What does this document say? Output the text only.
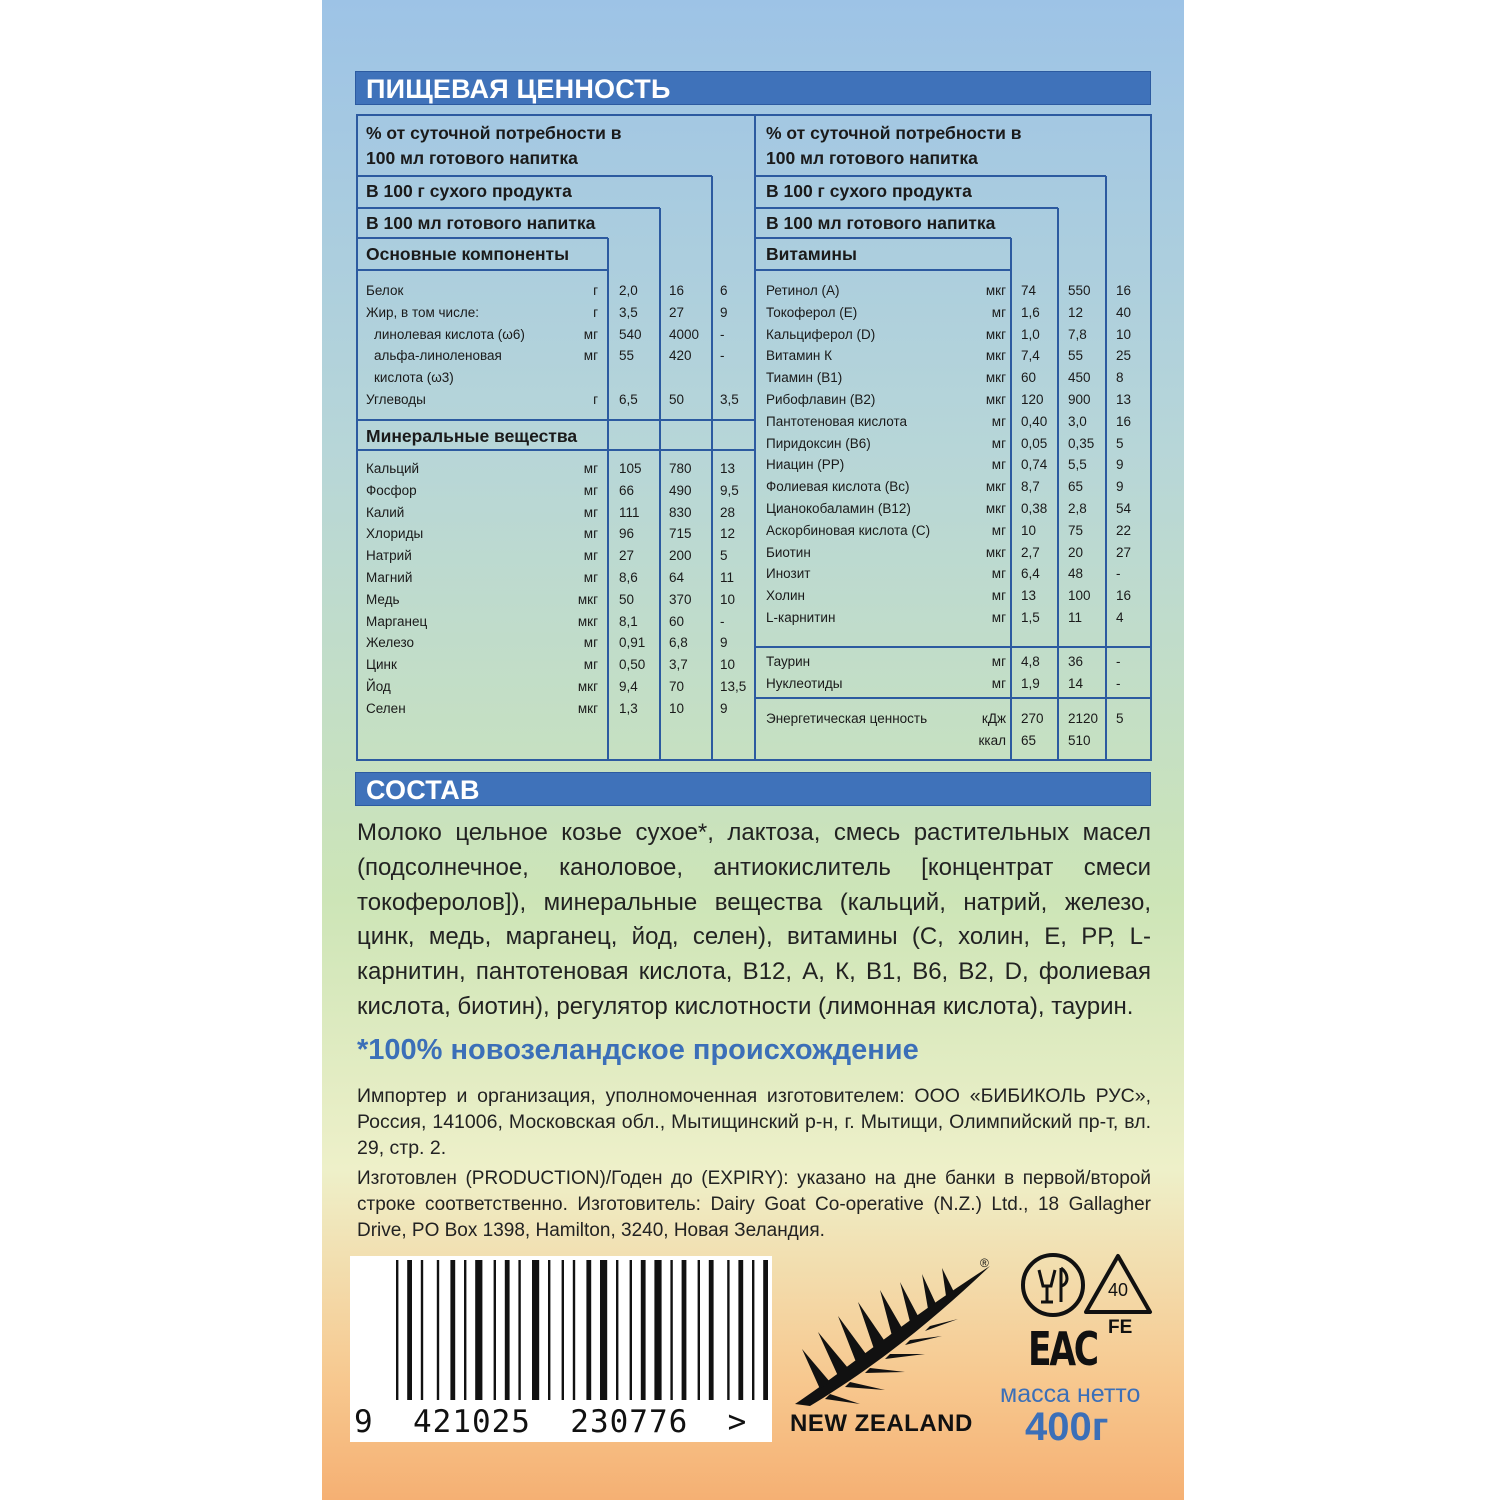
ПИЩЕВАЯ ЦЕННОСТЬ
% от суточной потребности в
100 мл готового напитка
В 100 г сухого продукта
В 100 мл готового напитка
% от суточной потребности в
100 мл готового напитка
В 100 г сухого продукта
В 100 мл готового напитка
Основные компоненты	Витамины
Минеральные вещества
Белок	г 2,0 16	6
Жир, в том числе:	г 3,5 27	9
линолевая кислота (ω6)	мг 540 4000 -
альфа-линоленовая	мг 55	420 -
кислота (ω3)
Углеводы	г 6,5 50	3,5
Кальций	мг 105 780 13
Фосфор	мг 66	490 9,5
Калий	мг 111 830 28
Хлориды	мг 96	715 12
Натрий	мг 27	200 5
Магний	мг 8,6 64	11
Медь	мкг 50	370 10
Марганец	мкг 8,1 60	-
Железо	мг 0,91 6,8 9
Цинк	мг 0,50 3,7 10
Йод	мкг 9,4 70	13,5
Селен	мкг 1,3 10	9
Ретинол (А)	мкг 74 550 16
Токоферол (Е)	мг 1,6 12 40
Кальциферол (D)	мкг 1,0 7,8 10
Витамин К	мкг 7,4 55 25
Тиамин (В1)	мкг 60 450 8
Рибофлавин (В2)	мкг 120 900 13
Пантотеновая кислота	мг 0,40 3,0 16
Пиридоксин (В6)	мг 0,05 0,35 5
Ниацин (РР)	мг 0,74 5,5 9
Фолиевая кислота (Вс)	мкг 8,7 65 9
Цианокобаламин (В12)	мкг 0,38 2,8 54
Аскорбиновая кислота (С)	мг 10 75 22
Биотин	мкг 2,7 20 27
Инозит	мг 6,4 48 -
Холин	мг 13 100 16
L-карнитин	мг 1,5 11	4
Таурин	мг 4,8 36 -
Нуклеотиды	мг 1,9 14 -
Энергетическая ценность	кДж 270 2120 5
ккал 65 510
СОСТАВ
Молоко цельное козье сухое*, лактоза, смесь растительных масел (подсолнечное, каноловое, антиокислитель [концентрат смеси токоферолов]), минеральные вещества (кальций, натрий, железо, цинк, медь, марганец, йод, селен), витамины (С, холин, Е, РР, L-карнитин, пантотеновая кислота, В12, А, К, В1, В6, В2, D, фолиевая кислота, биотин), регулятор кислотности (лимонная кислота), таурин.
*100% новозеландское происхождение
Импортер и организация, уполномоченная изготовителем: ООО «БИБИКОЛЬ РУС», Россия, 141006, Московская обл., Мытищинский р-н, г. Мытищи, Олимпийский пр-т, вл. 29, стр. 2.
Изготовлен (PRODUCTION)/Годен до (EXPIRY): указано на дне банки в первой/второй строке соответственно. Изготовитель: Dairy Goat Co-operative (N.Z.) Ltd., 18 Gallagher Drive, PO Box 1398, Hamilton, 3240, Новая Зеландия.
9  421025  230776  >
®
NEW ZEALAND
40
EAC FE
масса нетто
400г
